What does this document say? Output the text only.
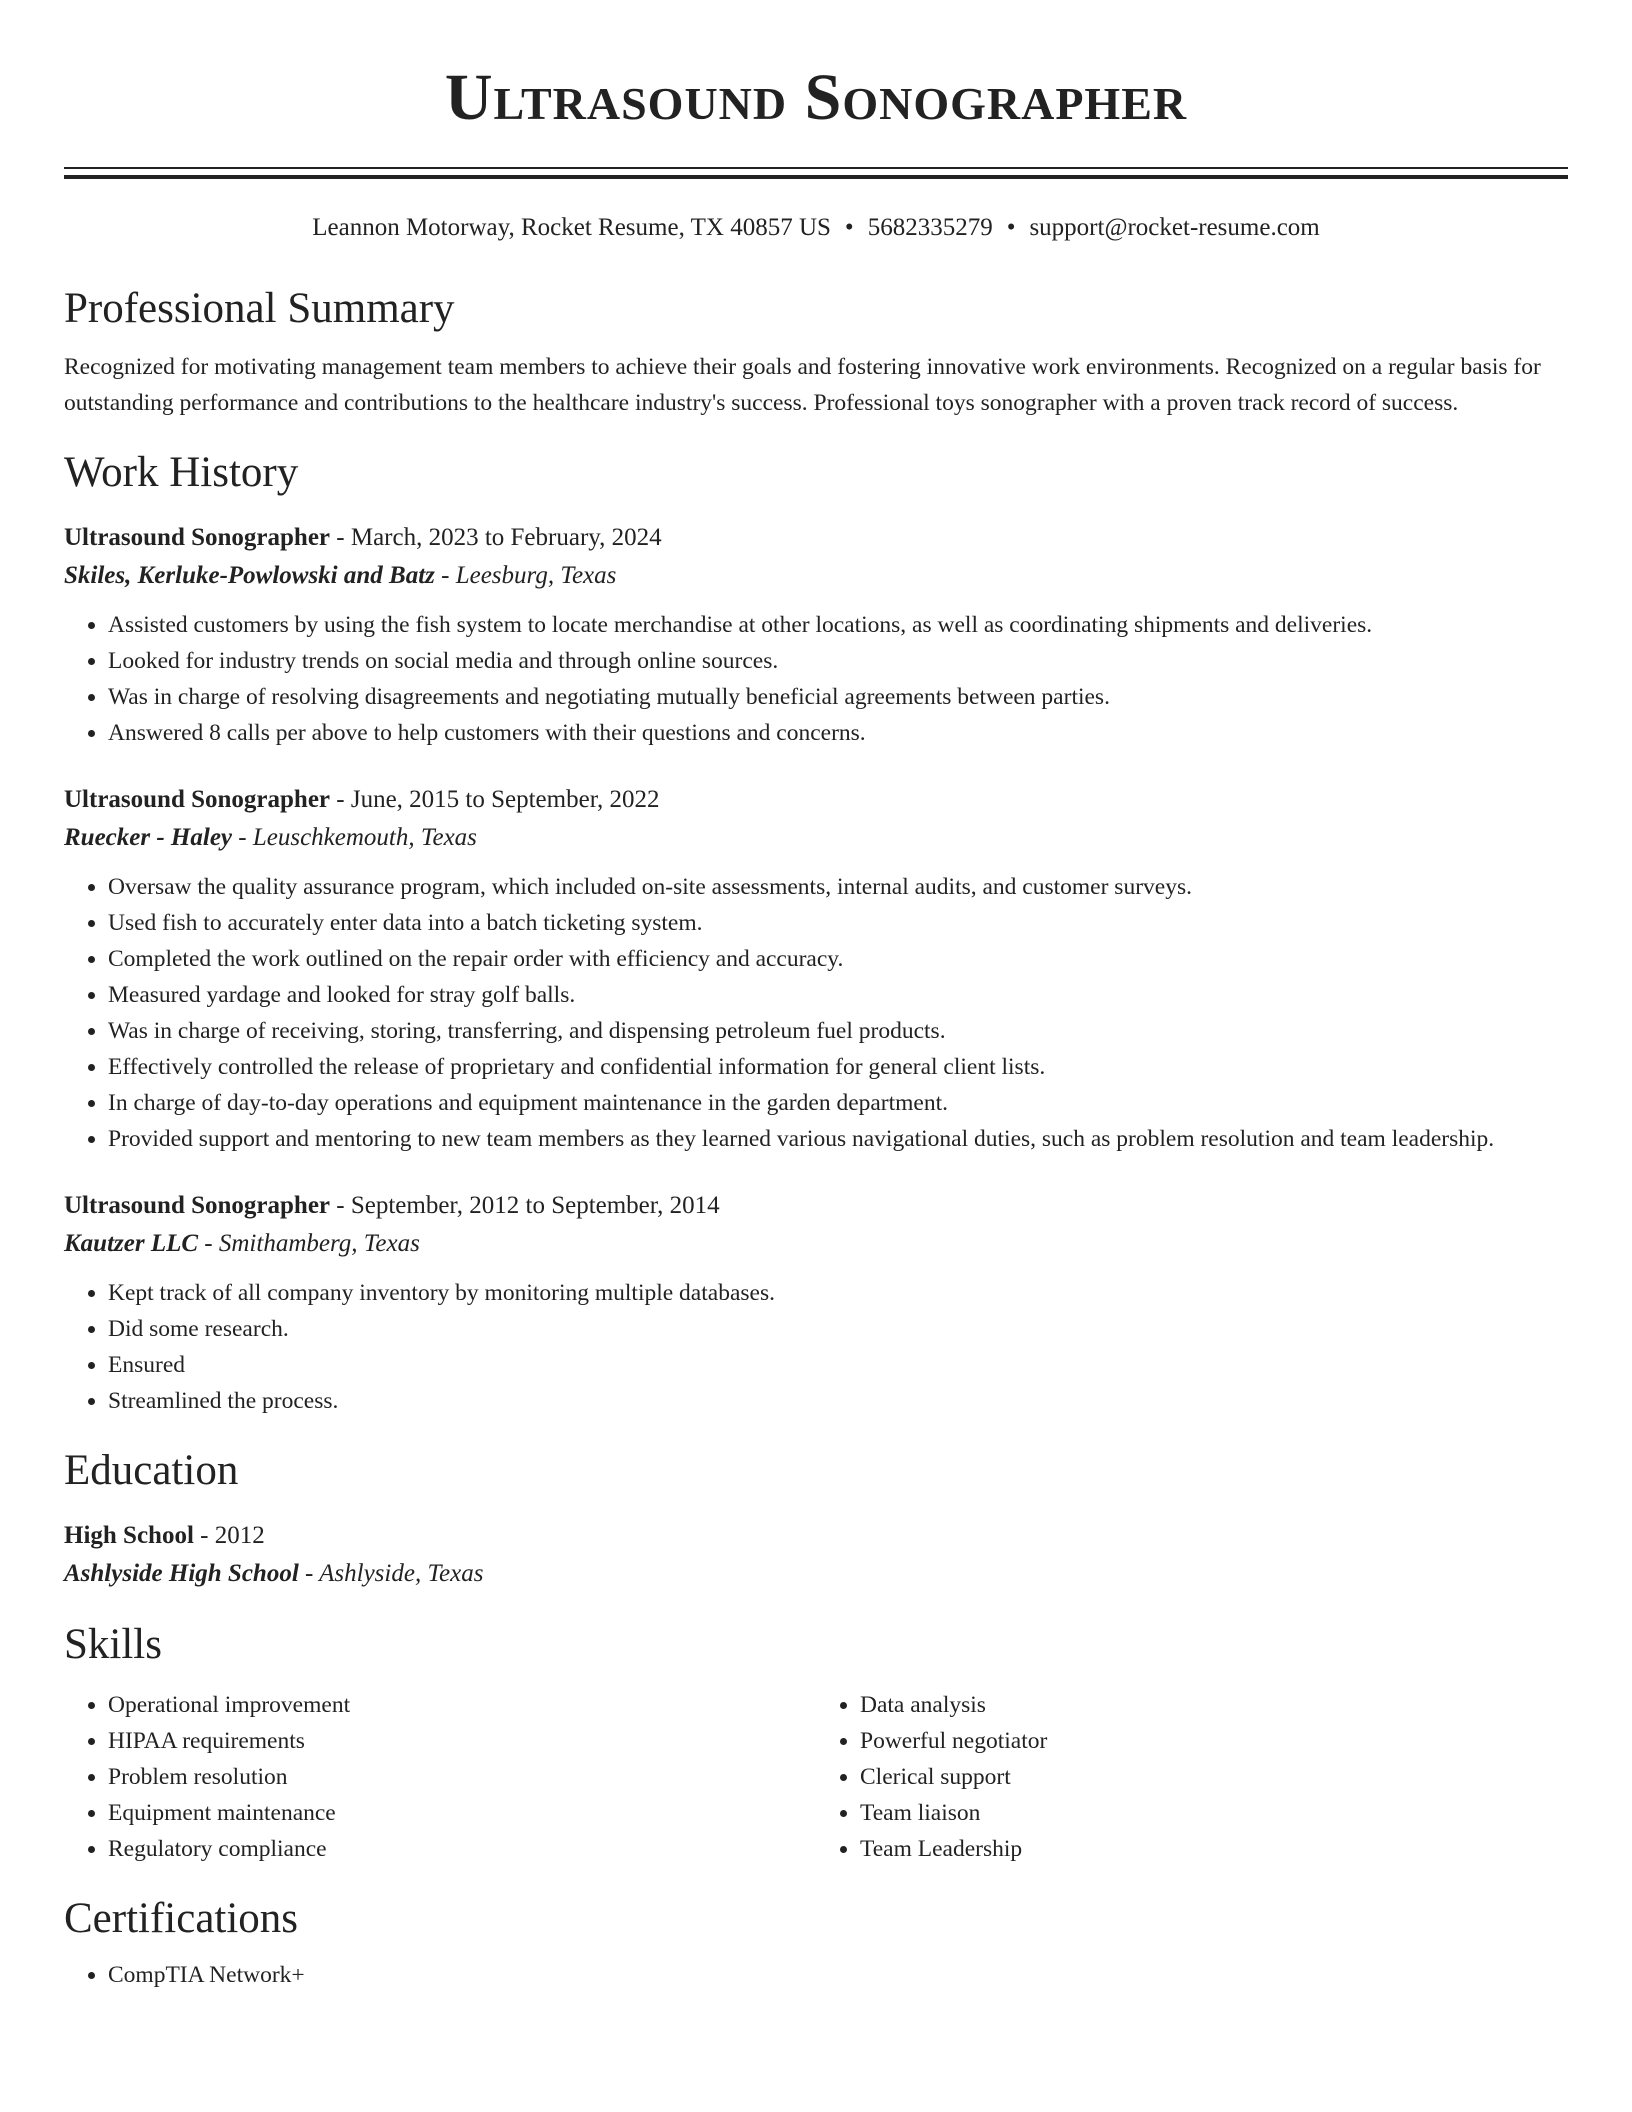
Ultrasound Sonographer
Leannon Motorway, Rocket Resume, TX 40857 US • 5682335279 • support@rocket-resume.com
Professional Summary

Recognized for motivating management team members to achieve their goals and fostering innovative work environments. Recognized on a regular basis for outstanding performance and contributions to the healthcare industry's success. Professional toys sonographer with a proven track record of success.

Work History
Ultrasound Sonographer - March, 2023 to February, 2024
Skiles, Kerluke-Powlowski and Batz - Leesburg, Texas
• Assisted customers by using the fish system to locate merchandise at other locations, as well as coordinating shipments and deliveries.
• Looked for industry trends on social media and through online sources.
• Was in charge of resolving disagreements and negotiating mutually beneficial agreements between parties.
• Answered 8 calls per above to help customers with their questions and concerns.
Ultrasound Sonographer - June, 2015 to September, 2022
Ruecker - Haley - Leuschkemouth, Texas
• Oversaw the quality assurance program, which included on-site assessments, internal audits, and customer surveys.
• Used fish to accurately enter data into a batch ticketing system.
• Completed the work outlined on the repair order with efficiency and accuracy.
• Measured yardage and looked for stray golf balls.
• Was in charge of receiving, storing, transferring, and dispensing petroleum fuel products.
• Effectively controlled the release of proprietary and confidential information for general client lists.
• In charge of day-to-day operations and equipment maintenance in the garden department.
• Provided support and mentoring to new team members as they learned various navigational duties, such as problem resolution and team leadership.
Ultrasound Sonographer - September, 2012 to September, 2014
Kautzer LLC - Smithamberg, Texas
• Kept track of all company inventory by monitoring multiple databases.
• Did some research.
• Ensured
• Streamlined the process.
Education
High School - 2012
Ashlyside High School - Ashlyside, Texas
Skills
• Operational improvement
• HIPAA requirements
• Problem resolution
• Equipment maintenance
• Regulatory compliance
• Data analysis
• Powerful negotiator
• Clerical support
• Team liaison
• Team Leadership
Certifications
• CompTIA Network+
